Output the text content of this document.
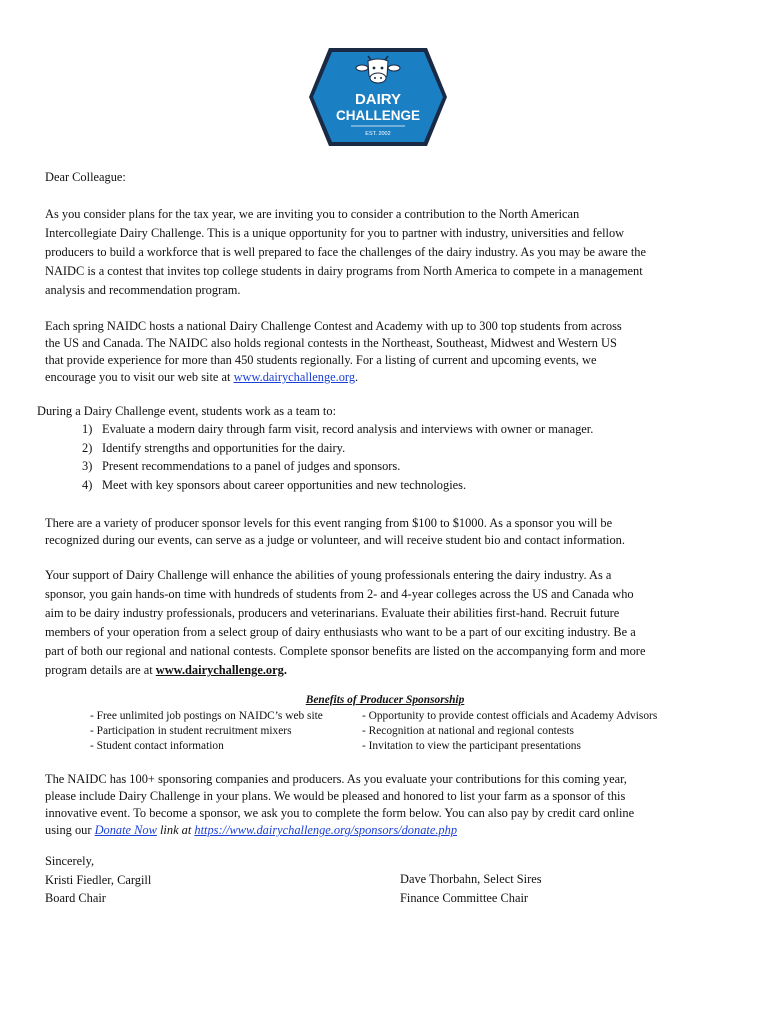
DAIRY
CHALLENGE
EST. 2002
Dear Colleague:
As you consider plans for the tax year, we are inviting you to consider a contribution to the North American
Intercollegiate Dairy Challenge. This is a unique opportunity for you to partner with industry, universities and fellow
producers to build a workforce that is well prepared to face the challenges of the dairy industry. As you may be aware the
NAIDC is a contest that invites top college students in dairy programs from North America to compete in a management
analysis and recommendation program.
Each spring NAIDC hosts a national Dairy Challenge Contest and Academy with up to 300 top students from across
the US and Canada. The NAIDC also holds regional contests in the Northeast, Southeast, Midwest and Western US
that provide experience for more than 450 students regionally. For a listing of current and upcoming events, we
encourage you to visit our web site at www.dairychallenge.org.
During a Dairy Challenge event, students work as a team to:
1) Evaluate a modern dairy through farm visit, record analysis and interviews with owner or manager.
2) Identify strengths and opportunities for the dairy.
3) Present recommendations to a panel of judges and sponsors.
4) Meet with key sponsors about career opportunities and new technologies.
There are a variety of producer sponsor levels for this event ranging from $100 to $1000. As a sponsor you will be
recognized during our events, can serve as a judge or volunteer, and will receive student bio and contact information.
Your support of Dairy Challenge will enhance the abilities of young professionals entering the dairy industry. As a
sponsor, you gain hands-on time with hundreds of students from 2- and 4-year colleges across the US and Canada who
aim to be dairy industry professionals, producers and veterinarians. Evaluate their abilities first-hand. Recruit future
members of your operation from a select group of dairy enthusiasts who want to be a part of our exciting industry. Be a
part of both our regional and national contests. Complete sponsor benefits are listed on the accompanying form and more
program details are at www.dairychallenge.org.
Benefits of Producer Sponsorship
- Free unlimited job postings on NAIDC’s web site
- Participation in student recruitment mixers
- Student contact information
- Opportunity to provide contest officials and Academy Advisors
- Recognition at national and regional contests
- Invitation to view the participant presentations
The NAIDC has 100+ sponsoring companies and producers. As you evaluate your contributions for this coming year,
please include Dairy Challenge in your plans. We would be pleased and honored to list your farm as a sponsor of this
innovative event. To become a sponsor, we ask you to complete the form below. You can also pay by credit card online
using our Donate Now link at https://www.dairychallenge.org/sponsors/donate.php
Sincerely,
Kristi Fiedler, Cargill
Board Chair
Dave Thorbahn, Select Sires
Finance Committee Chair
